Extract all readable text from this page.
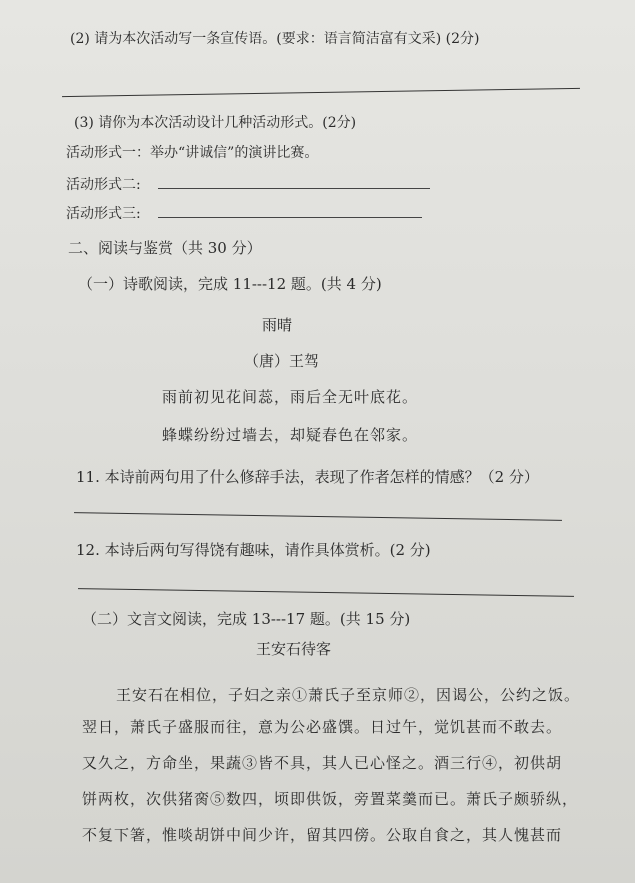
(2) 请为本次活动写一条宣传语。(要求：语言简洁富有文采) (2分)
(3) 请你为本次活动设计几种活动形式。(2分)
活动形式一：举办“讲诚信”的演讲比赛。
活动形式二:
活动形式三:
二、阅读与鉴赏（共 30 分）
（一）诗歌阅读，完成 11---12 题。(共 4 分)
雨晴
（唐）王驾
雨前初见花间蕊，雨后全无叶底花。
蜂蝶纷纷过墙去，却疑春色在邻家。
11. 本诗前两句用了什么修辞手法，表现了作者怎样的情感？（2 分）
12. 本诗后两句写得饶有趣味，请作具体赏析。(2 分)
（二）文言文阅读，完成 13---17 题。(共 15 分)
王安石待客
王安石在相位，子妇之亲①萧氏子至京师②，因谒公，公约之饭。
翌日，萧氏子盛服而往，意为公必盛馔。日过午，觉饥甚而不敢去。
又久之，方命坐，果蔬③皆不具，其人已心怪之。酒三行④，初供胡
饼两枚，次供猪脔⑤数四，顷即供饭，旁置菜羹而已。萧氏子颇骄纵，
不复下箸，惟啖胡饼中间少许，留其四傍。公取自食之，其人愧甚而
